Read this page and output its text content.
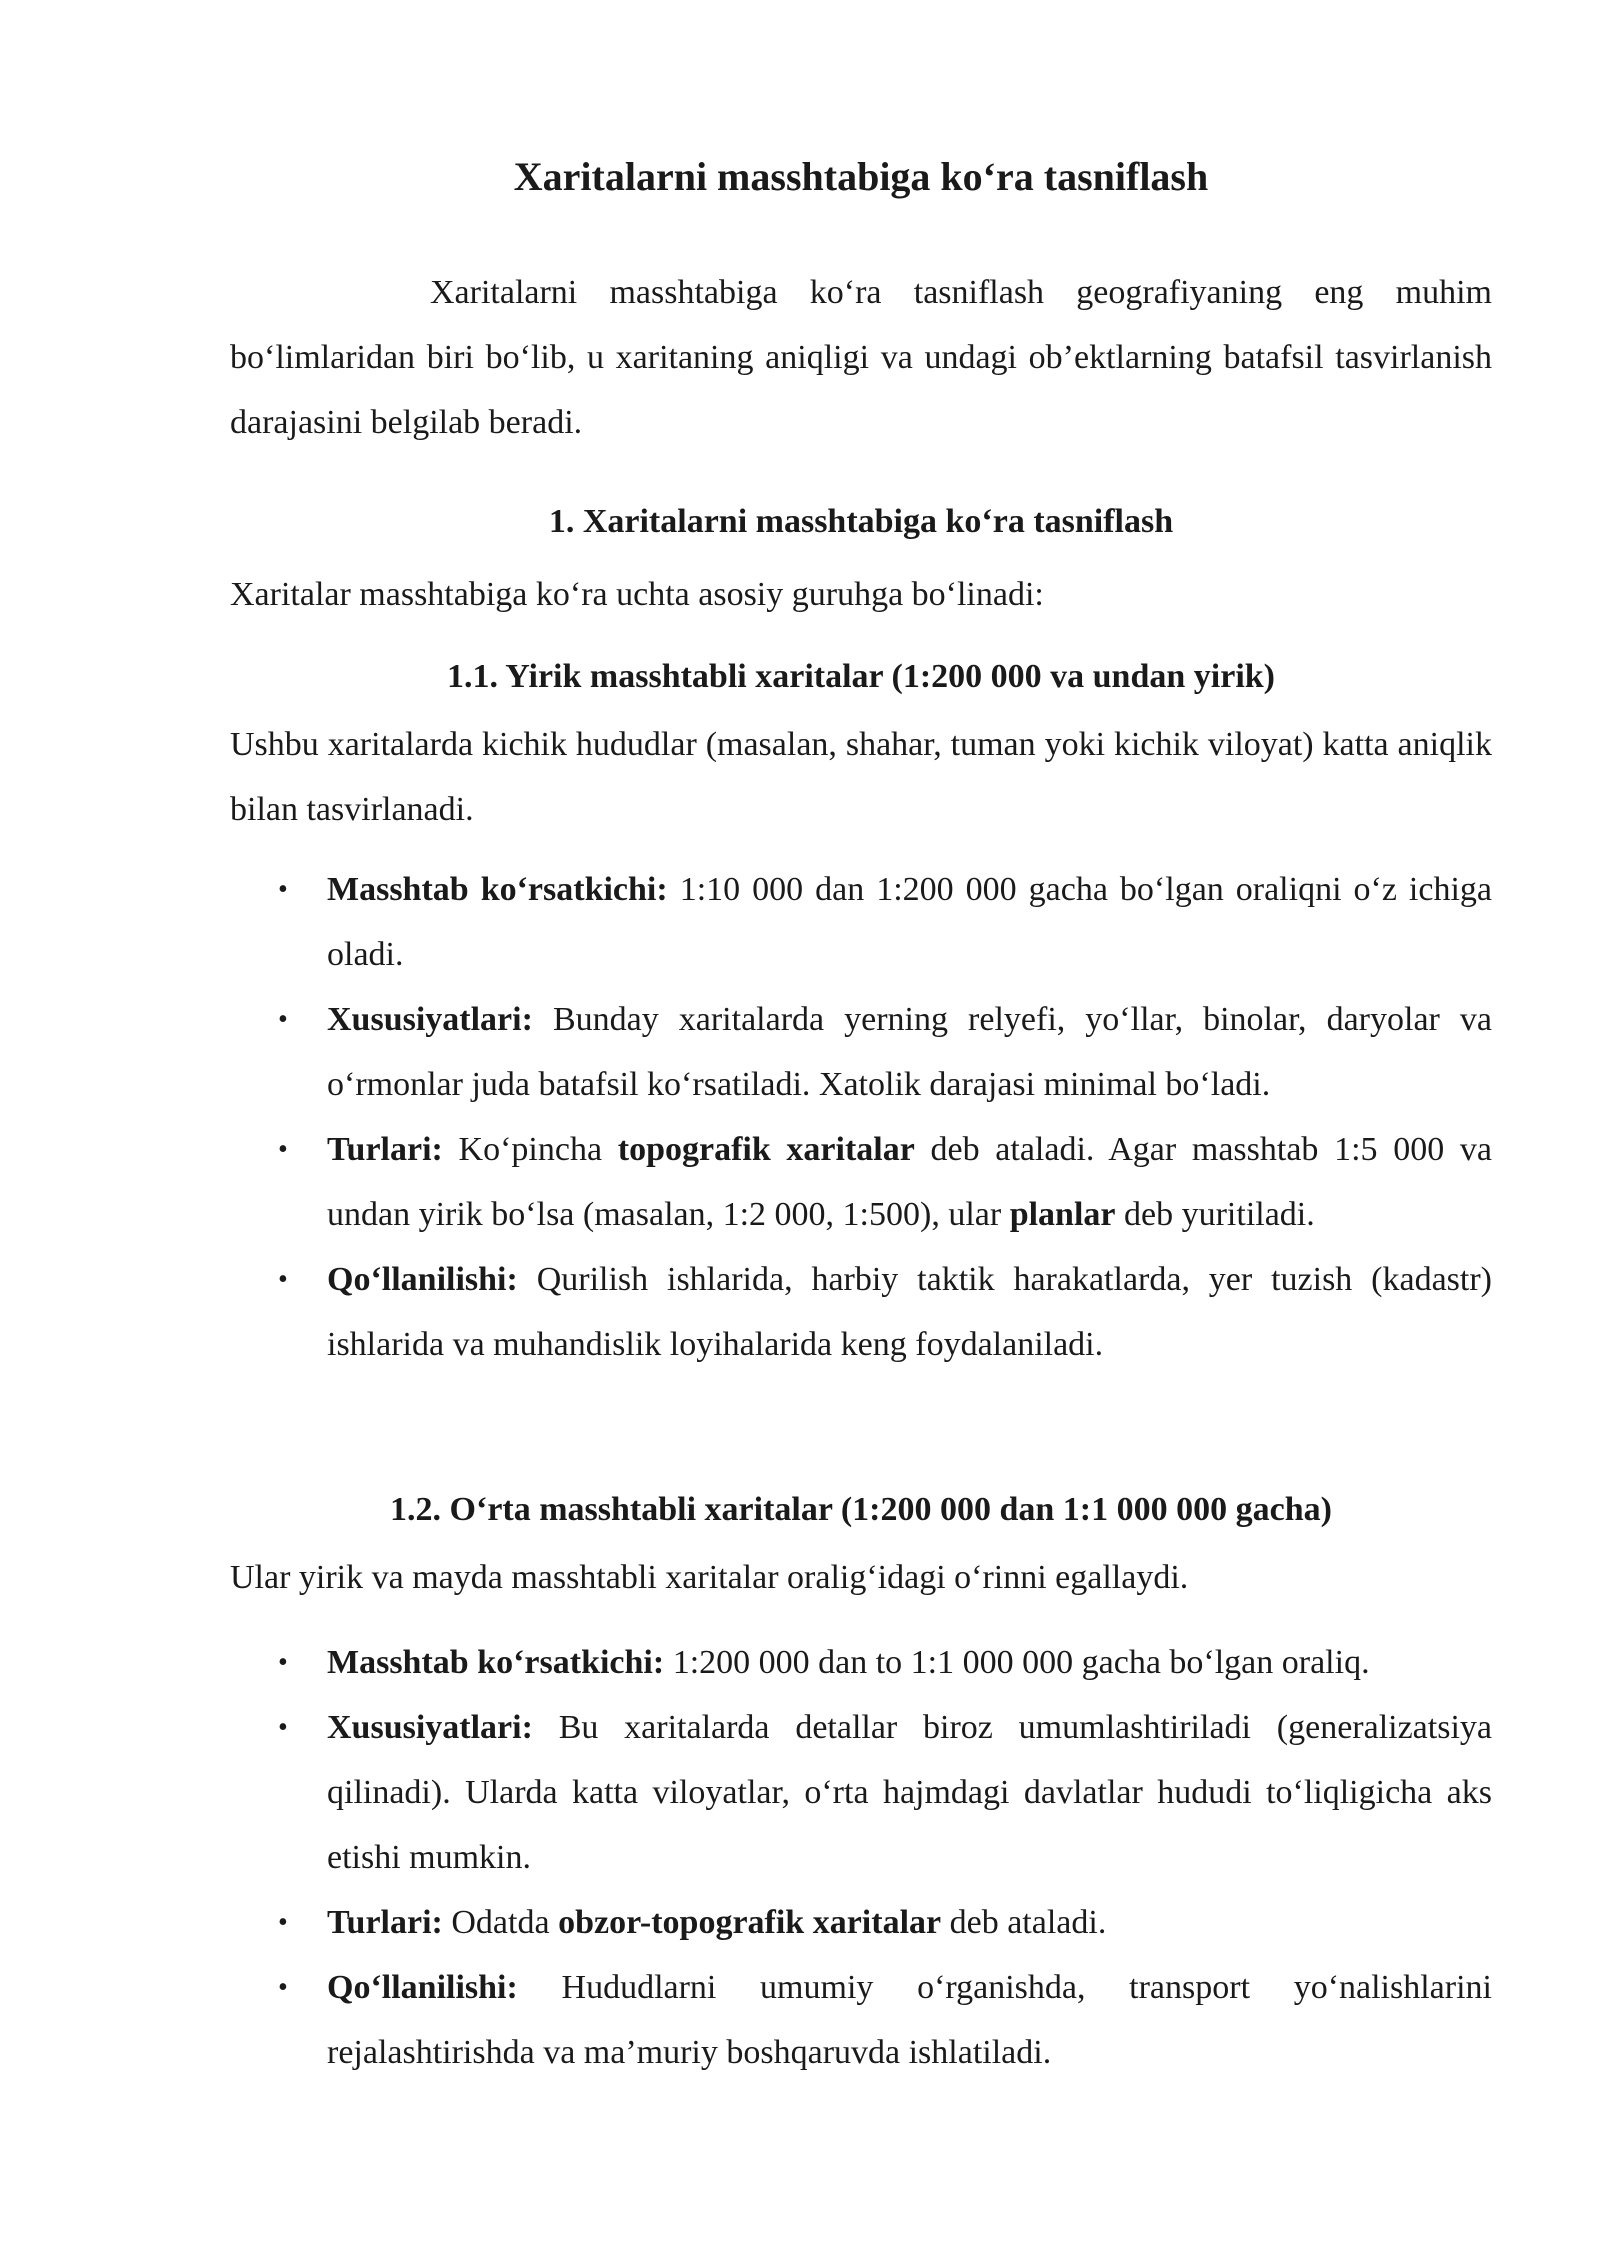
Xaritalarni masshtabiga ko‘ra tasniflash

Xaritalarni masshtabiga ko‘ra tasniflash geografiyaning eng muhim bo‘limlaridan biri bo‘lib, u xaritaning aniqligi va undagi ob’ektlarning batafsil tasvirlanish darajasini belgilab beradi.

1. Xaritalarni masshtabiga ko‘ra tasniflash

Xaritalar masshtabiga ko‘ra uchta asosiy guruhga bo‘linadi:

1.1. Yirik masshtabli xaritalar (1:200 000 va undan yirik)

Ushbu xaritalarda kichik hududlar (masalan, shahar, tuman yoki kichik viloyat) katta aniqlik bilan tasvirlanadi.

• Masshtab ko‘rsatkichi: 1:10 000 dan 1:200 000 gacha bo‘lgan oraliqni o‘z ichiga oladi.
• Xususiyatlari: Bunday xaritalarda yerning relyefi, yo‘llar, binolar, daryolar va o‘rmonlar juda batafsil ko‘rsatiladi. Xatolik darajasi minimal bo‘ladi.
• Turlari: Ko‘pincha topografik xaritalar deb ataladi. Agar masshtab 1:5 000 va undan yirik bo‘lsa (masalan, 1:2 000, 1:500), ular planlar deb yuritiladi.
• Qo‘llanilishi: Qurilish ishlarida, harbiy taktik harakatlarda, yer tuzish (kadastr) ishlarida va muhandislik loyihalarida keng foydalaniladi.
1.2. O‘rta masshtabli xaritalar (1:200 000 dan 1:1 000 000 gacha)

Ular yirik va mayda masshtabli xaritalar oralig‘idagi o‘rinni egallaydi.

• Masshtab ko‘rsatkichi: 1:200 000 dan to 1:1 000 000 gacha bo‘lgan oraliq.
• Xususiyatlari: Bu xaritalarda detallar biroz umumlashtiriladi (generalizatsiya qilinadi). Ularda katta viloyatlar, o‘rta hajmdagi davlatlar hududi to‘liqligicha aks etishi mumkin.
• Turlari: Odatda obzor-topografik xaritalar deb ataladi.
• Qo‘llanilishi: Hududlarni umumiy o‘rganishda, transport yo‘nalishlarini rejalashtirishda va ma’muriy boshqaruvda ishlatiladi.
